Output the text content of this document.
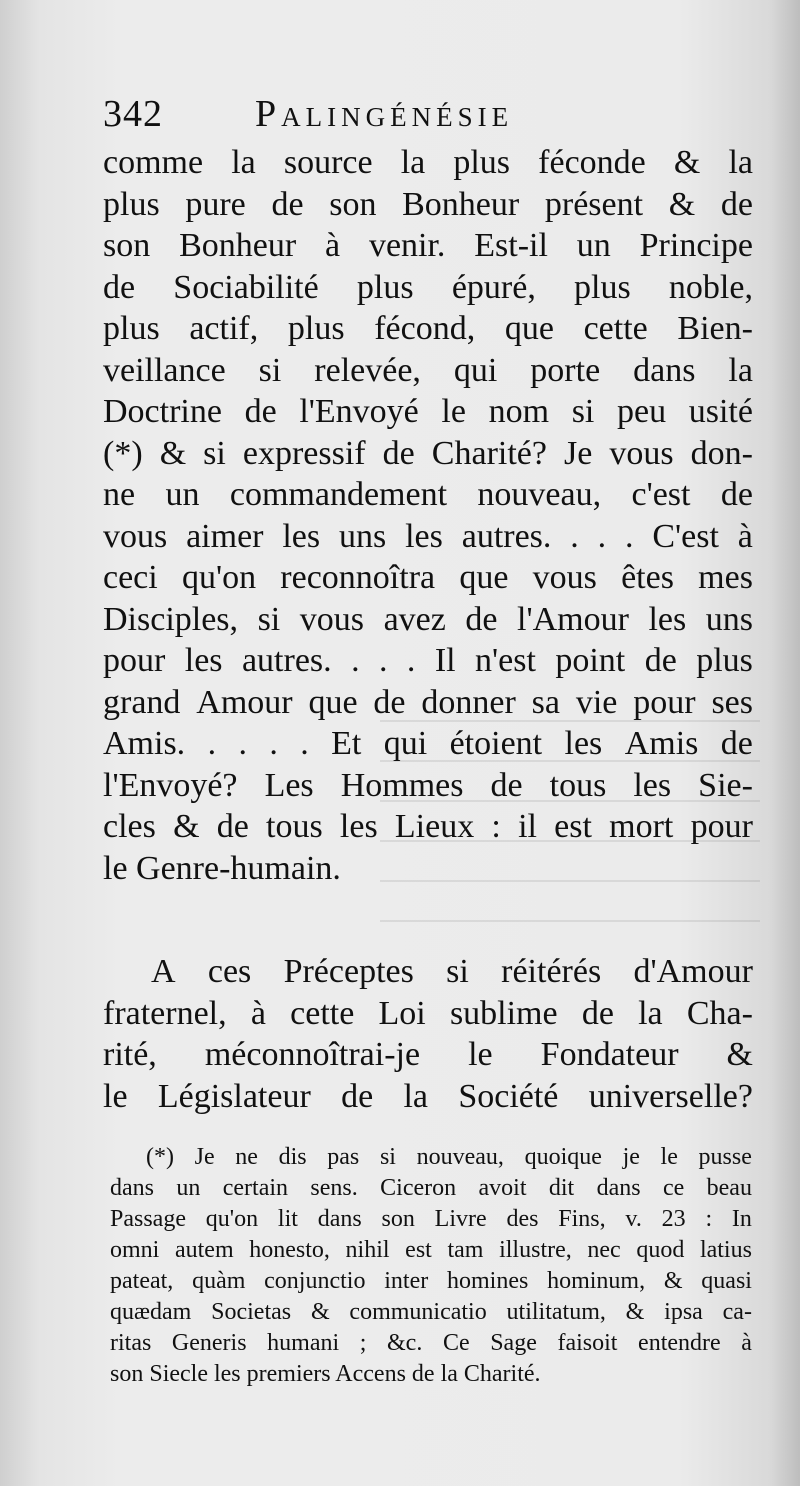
342 Palingénésie
comme la source la plus féconde & la
plus pure de son Bonheur présent & de
son Bonheur à venir. Est-il un Principe
de Sociabilité plus épuré, plus noble,
plus actif, plus fécond, que cette Bien-
veillance si relevée, qui porte dans la
Doctrine de l'Envoyé le nom si peu usité
(*) & si expressif de Charité? Je vous don-
ne un commandement nouveau, c'est de
vous aimer les uns les autres. . . . C'est à
ceci qu'on reconnoîtra que vous êtes mes
Disciples, si vous avez de l'Amour les uns
pour les autres. . . . Il n'est point de plus
grand Amour que de donner sa vie pour ses
Amis. . . . . Et qui étoient les Amis de
l'Envoyé? Les Hommes de tous les Sie-
cles & de tous les Lieux : il est mort pour
le Genre-humain.
A ces Préceptes si réitérés d'Amour
fraternel, à cette Loi sublime de la Cha-
rité, méconnoîtrai-je le Fondateur &
le Législateur de la Société universelle?
(*) Je ne dis pas si nouveau, quoique je le pusse
dans un certain sens. Ciceron avoit dit dans ce beau
Passage qu'on lit dans son Livre des Fins, v. 23 : In
omni autem honesto, nihil est tam illustre, nec quod latius
pateat, quàm conjunctio inter homines hominum, & quasi
quædam Societas & communicatio utilitatum, & ipsa ca-
ritas Generis humani ; &c. Ce Sage faisoit entendre à
son Siecle les premiers Accens de la Charité.
